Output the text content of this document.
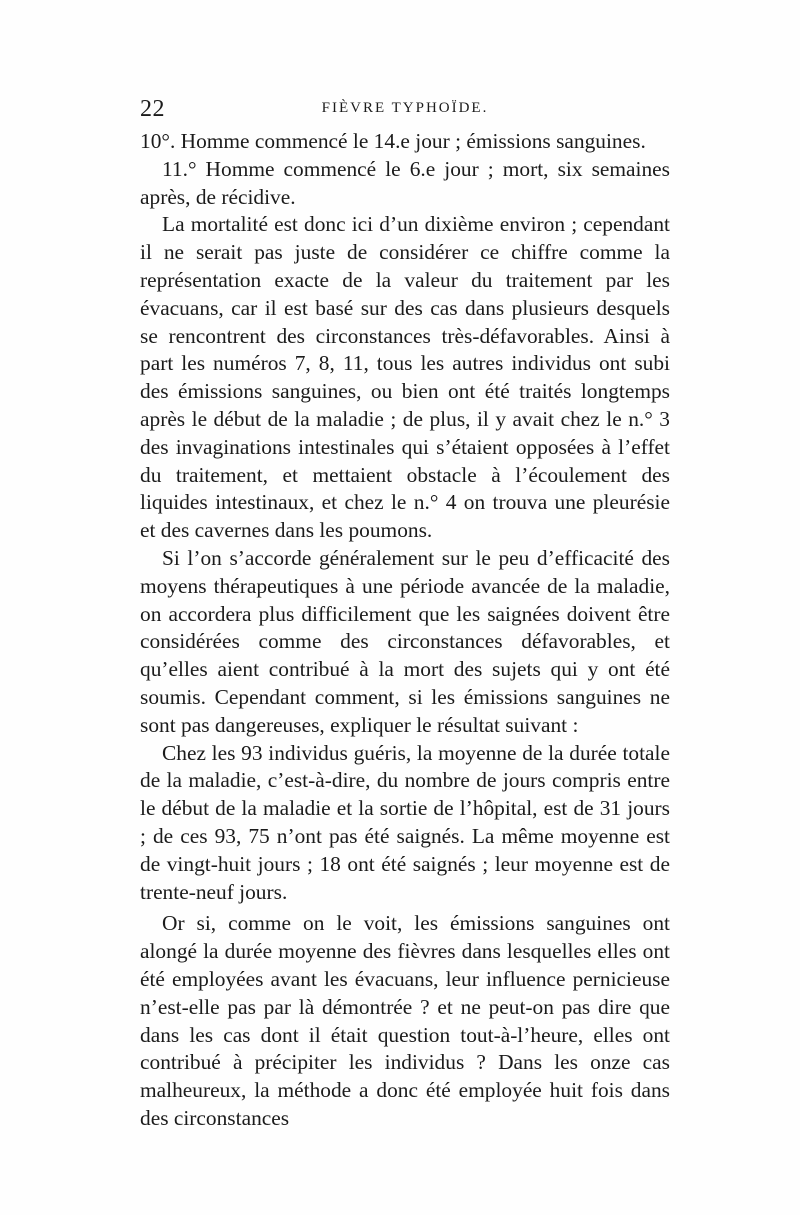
22	FIÈVRE TYPHOÏDE.

10°. Homme commencé le 14.e jour ; émissions sanguines.

11.° Homme commencé le 6.e jour ; mort, six semaines après, de récidive.

La mortalité est donc ici d’un dixième environ ; cependant il ne serait pas juste de considérer ce chiffre comme la représentation exacte de la valeur du traitement par les évacuans, car il est basé sur des cas dans plusieurs desquels se rencontrent des circonstances très-défavorables. Ainsi à part les numéros 7, 8, 11, tous les autres individus ont subi des émissions sanguines, ou bien ont été traités longtemps après le début de la maladie ; de plus, il y avait chez le n.° 3 des invaginations intestinales qui s’étaient opposées à l’effet du traitement, et mettaient obstacle à l’écoulement des liquides intestinaux, et chez le n.° 4 on trouva une pleurésie et des cavernes dans les poumons.

Si l’on s’accorde généralement sur le peu d’efficacité des moyens thérapeutiques à une période avancée de la maladie, on accordera plus difficilement que les saignées doivent être considérées comme des circonstances défavorables, et qu’elles aient contribué à la mort des sujets qui y ont été soumis. Cependant comment, si les émissions sanguines ne sont pas dangereuses, expliquer le résultat suivant :

Chez les 93 individus guéris, la moyenne de la durée totale de la maladie, c’est-à-dire, du nombre de jours compris entre le début de la maladie et la sortie de l’hôpital, est de 31 jours ; de ces 93, 75 n’ont pas été saignés. La même moyenne est de vingt-huit jours ; 18 ont été saignés ; leur moyenne est de trente-neuf jours.

Or si, comme on le voit, les émissions sanguines ont alongé la durée moyenne des fièvres dans lesquelles elles ont été employées avant les évacuans, leur influence pernicieuse n’est-elle pas par là démontrée ? et ne peut-on pas dire que dans les cas dont il était question tout-à-l’heure, elles ont contribué à précipiter les individus ? Dans les onze cas malheureux, la méthode a donc été employée huit fois dans des circonstances
